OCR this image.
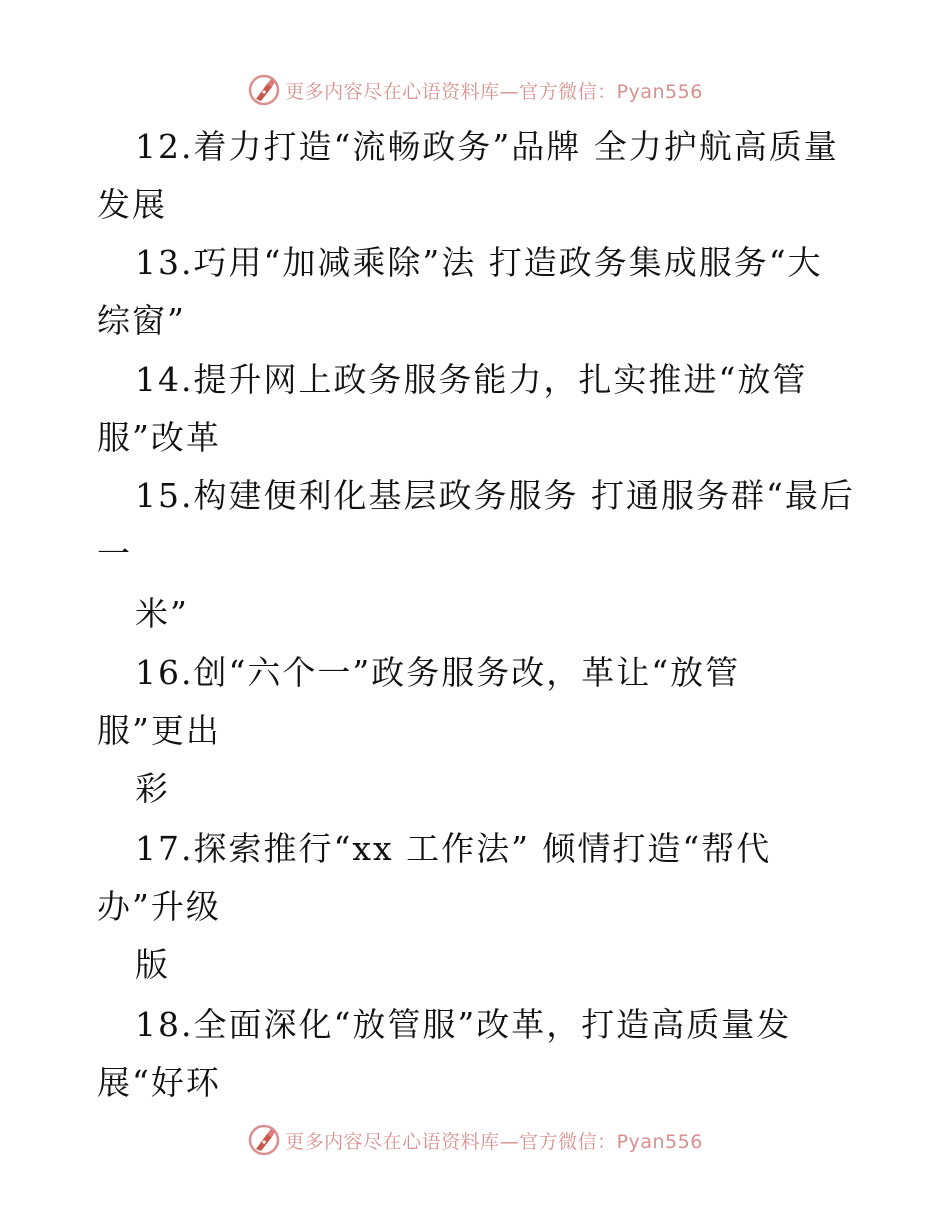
更多内容尽在心语资料库—官方微信：Pyan556
12.着力打造“流畅政务”品牌 全力护航高质量
发展
13.巧用“加减乘除”法 打造政务集成服务“大
综窗”
14.提升网上政务服务能力，扎实推进“放管
服”改革
15.构建便利化基层政务服务 打通服务群“最后
一
米”
16.创“六个一”政务服务改，革让“放管
服”更出
彩
17.探索推行“xx 工作法” 倾情打造“帮代
办”升级
版
18.全面深化“放管服”改革，打造高质量发
展“好环
更多内容尽在心语资料库—官方微信：Pyan556
